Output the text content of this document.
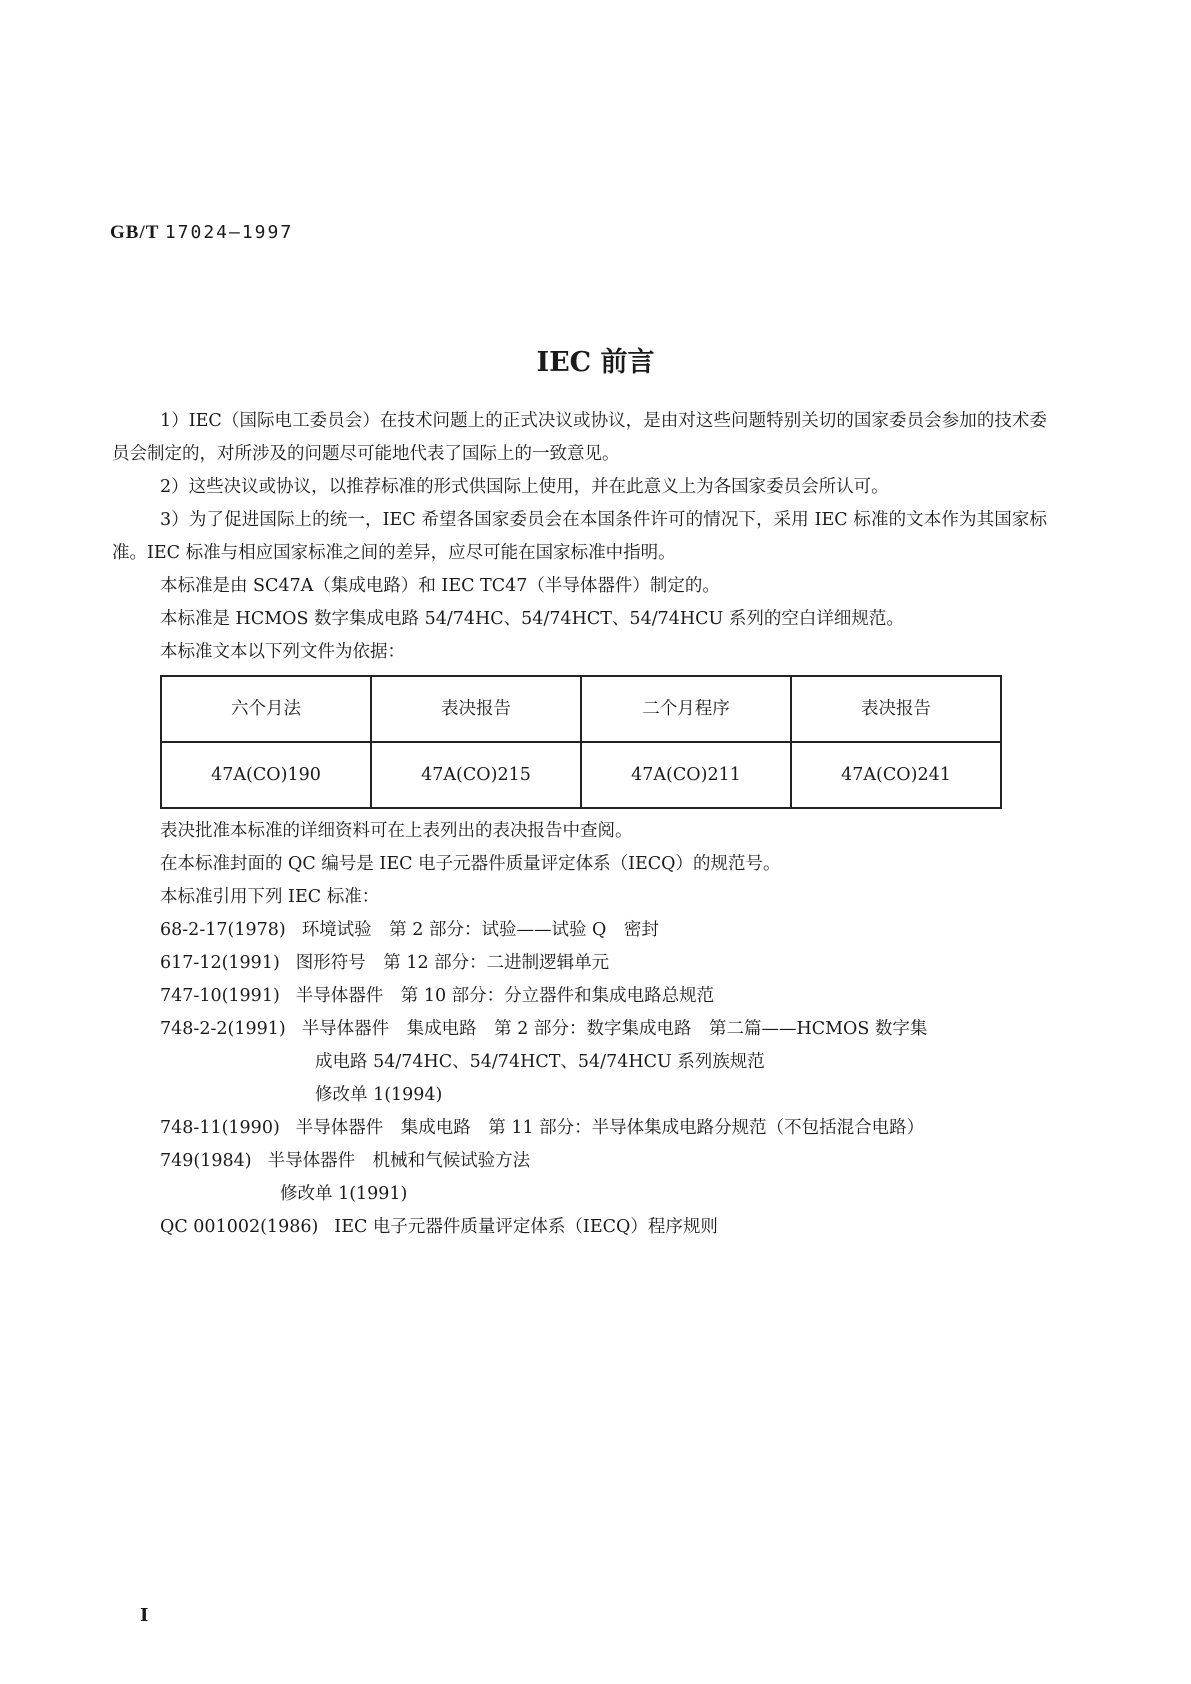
GB/T 17024—1997
IEC 前言

1）IEC（国际电工委员会）在技术问题上的正式决议或协议，是由对这些问题特别关切的国家委员会参加的技术委员会制定的，对所涉及的问题尽可能地代表了国际上的一致意见。

2）这些决议或协议，以推荐标准的形式供国际上使用，并在此意义上为各国家委员会所认可。

3）为了促进国际上的统一，IEC 希望各国家委员会在本国条件许可的情况下，采用 IEC 标准的文本作为其国家标准。IEC 标准与相应国家标准之间的差异，应尽可能在国家标准中指明。

本标准是由 SC47A（集成电路）和 IEC TC47（半导体器件）制定的。

本标准是 HCMOS 数字集成电路 54/74HC、54/74HCT、54/74HCU 系列的空白详细规范。

本标准文本以下列文件为依据：

六个月法	表决报告	二个月程序	表决报告
47A(CO)190	47A(CO)215	47A(CO)211	47A(CO)241

表决批准本标准的详细资料可在上表列出的表决报告中查阅。

在本标准封面的 QC 编号是 IEC 电子元器件质量评定体系（IECQ）的规范号。

本标准引用下列 IEC 标准：

68-2-17(1978) 环境试验　第 2 部分：试验——试验 Q　密封

617-12(1991) 图形符号　第 12 部分：二进制逻辑单元

747-10(1991) 半导体器件　第 10 部分：分立器件和集成电路总规范

748-2-2(1991) 半导体器件　集成电路　第 2 部分：数字集成电路　第二篇——HCMOS 数字集

成电路 54/74HC、54/74HCT、54/74HCU 系列族规范

修改单 1(1994)

748-11(1990) 半导体器件　集成电路　第 11 部分：半导体集成电路分规范（不包括混合电路）

749(1984) 半导体器件　机械和气候试验方法

修改单 1(1991)

QC 001002(1986) IEC 电子元器件质量评定体系（IECQ）程序规则

I
